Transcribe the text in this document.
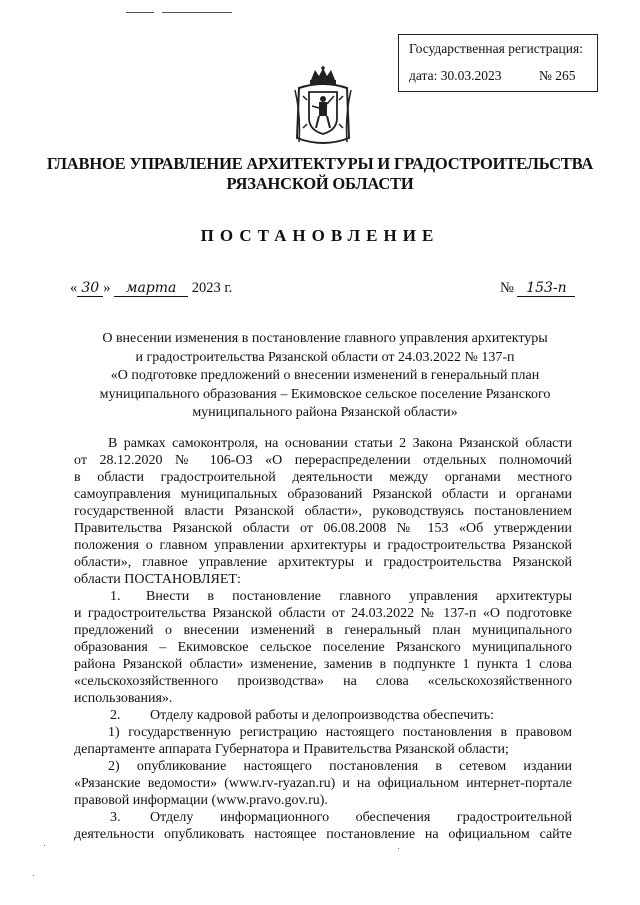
Государственная регистрация:
дата: 30.03.2023	№ 265
ГЛАВНОЕ УПРАВЛЕНИЕ АРХИТЕКТУРЫ И ГРАДОСТРОИТЕЛЬСТВА
РЯЗАНСКОЙ ОБЛАСТИ
ПОСТАНОВЛЕНИЕ
« 30 » марта 2023 г.	№ 153-п
О внесении изменения в постановление главного управления архитектуры
и градостроительства Рязанской области от 24.03.2022 № 137-п
«О подготовке предложений о внесении изменений в генеральный план
муниципального образования – Екимовское сельское поселение Рязанского
муниципального района Рязанской области»
В рамках самоконтроля, на основании статьи 2 Закона Рязанской области
от 28.12.2020 № 106-ОЗ «О перераспределении отдельных полномочий
в области градостроительной деятельности между органами местного
самоуправления муниципальных образований Рязанской области и органами
государственной власти Рязанской области», руководствуясь постановлением
Правительства Рязанской области от 06.08.2008 № 153 «Об утверждении
положения о главном управлении архитектуры и градостроительства Рязанской
области», главное управление архитектуры и градостроительства Рязанской
области ПОСТАНОВЛЯЕТ:
1. Внести в постановление главного управления архитектуры
и градостроительства Рязанской области от 24.03.2022 № 137-п «О подготовке
предложений о внесении изменений в генеральный план муниципального
образования – Екимовское сельское поселение Рязанского муниципального
района Рязанской области» изменение, заменив в подпункте 1 пункта 1 слова
«сельскохозяйственного производства» на слова «сельскохозяйственного
использования».
2. Отделу кадровой работы и делопроизводства обеспечить:
1) государственную регистрацию настоящего постановления в правовом
департаменте аппарата Губернатора и Правительства Рязанской области;
2) опубликование настоящего постановления в сетевом издании
«Рязанские ведомости» (www.rv-ryazan.ru) и на официальном интернет-портале
правовой информации (www.pravo.gov.ru).
3. Отделу информационного обеспечения градостроительной
деятельности опубликовать настоящее постановление на официальном сайте
